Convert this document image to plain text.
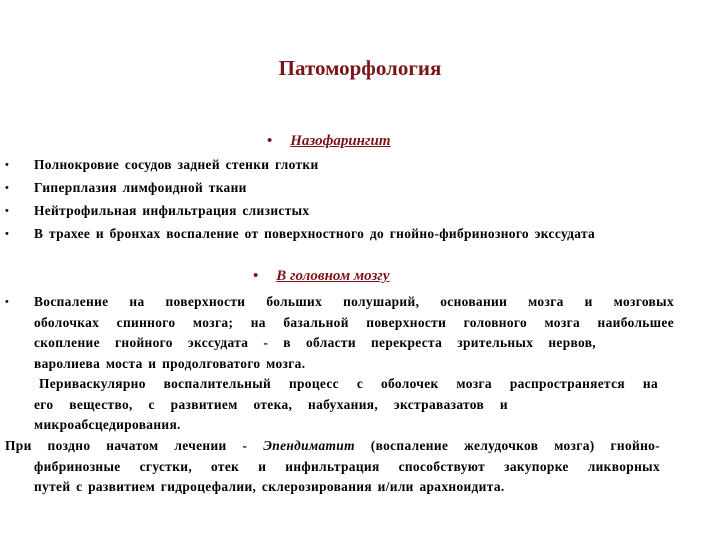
Патоморфология
• Назофарингит
• Полнокровие сосудов задней стенки глотки
• Гиперплазия лимфоидной ткани
• Нейтрофильная инфильтрация слизистых
• В трахее и бронхах воспаление от поверхностного до гнойно-фибринозного экссудата
• В головном мозгу
• Воспаление на поверхности больших полушарий, основании мозга и мозговых
оболочках спинного мозга; на базальной поверхности головного мозга наибольшее
скопление гнойного экссудата - в области перекреста зрительных нервов,
варолиева моста и продолговатого мозга.
Периваскулярно воспалительный процесс с оболочек мозга распространяется на
его вещество, с развитием отека, набухания, экстравазатов и
микроабсцедирования.
При поздно начатом лечении - Эпендиматит (воспаление желудочков мозга) гнойно-
фибринозные сгустки, отек и инфильтрация способствуют закупорке ликворных
путей с развитием гидроцефалии, склерозирования и/или арахноидита.
